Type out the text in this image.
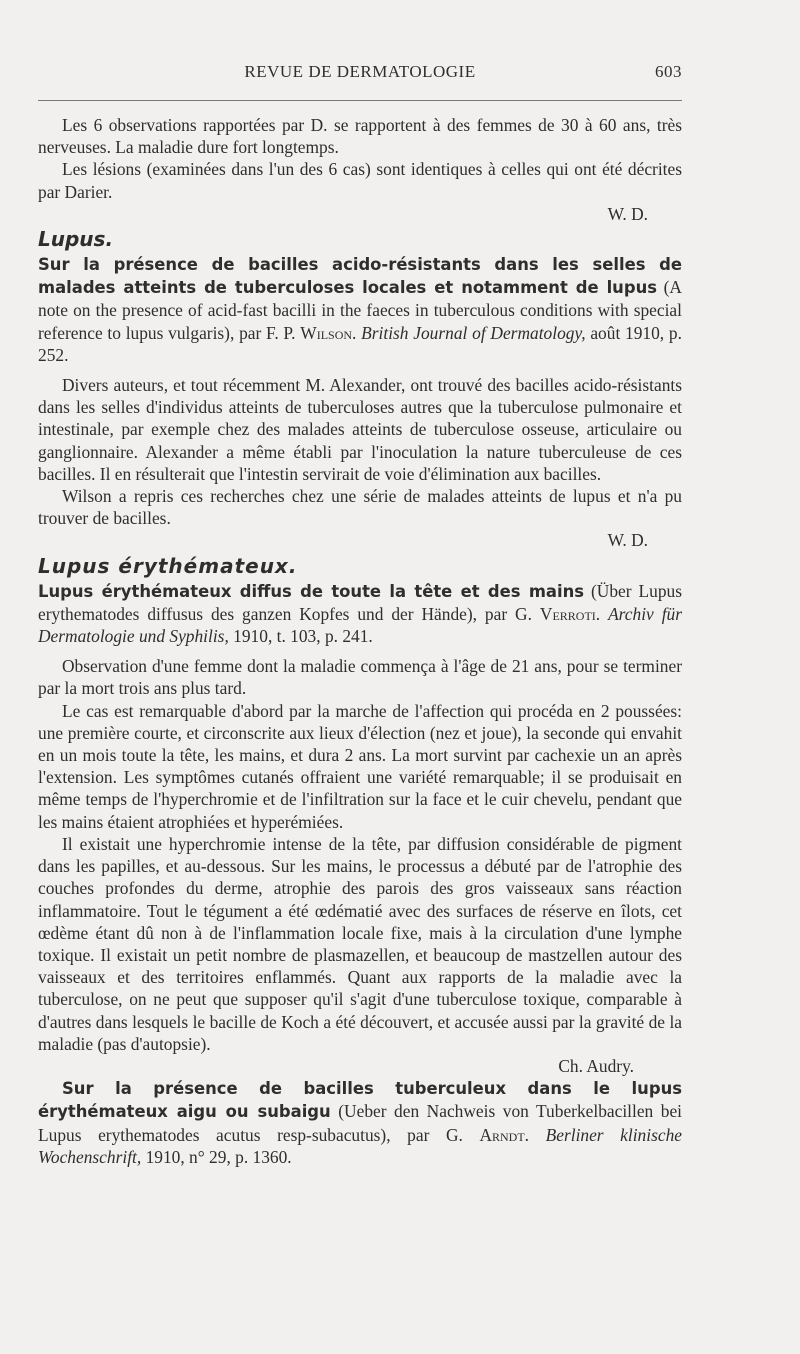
REVUE DE DERMATOLOGIE	603

Les 6 observations rapportées par D. se rapportent à des femmes de 30 à 60 ans, très nerveuses. La maladie dure fort longtemps.

Les lésions (examinées dans l'un des 6 cas) sont identiques à celles qui ont été décrites par Darier.
W. D.

Lupus.

Sur la présence de bacilles acido-résistants dans les selles de malades atteints de tuberculoses locales et notamment de lupus (A note on the presence of acid-fast bacilli in the faeces in tuberculous conditions with special reference to lupus vulgaris), par F. P. Wilson. British Journal of Dermatology, août 1910, p. 252.

Divers auteurs, et tout récemment M. Alexander, ont trouvé des bacilles acido-résistants dans les selles d'individus atteints de tuberculoses autres que la tuberculose pulmonaire et intestinale, par exemple chez des malades atteints de tuberculose osseuse, articulaire ou ganglionnaire. Alexander a même établi par l'inoculation la nature tuberculeuse de ces bacilles. Il en résulterait que l'intestin servirait de voie d'élimination aux bacilles.

Wilson a repris ces recherches chez une série de malades atteints de lupus et n'a pu trouver de bacilles.
W. D.

Lupus érythémateux.

Lupus érythémateux diffus de toute la tête et des mains (Über Lupus erythematodes diffusus des ganzen Kopfes und der Hände), par G. Verroti. Archiv für Dermatologie und Syphilis, 1910, t. 103, p. 241.

Observation d'une femme dont la maladie commença à l'âge de 21 ans, pour se terminer par la mort trois ans plus tard.

Le cas est remarquable d'abord par la marche de l'affection qui procéda en 2 poussées: une première courte, et circonscrite aux lieux d'élection (nez et joue), la seconde qui envahit en un mois toute la tête, les mains, et dura 2 ans. La mort survint par cachexie un an après l'extension. Les symptômes cutanés offraient une variété remarquable; il se produisait en même temps de l'hyperchromie et de l'infiltration sur la face et le cuir chevelu, pendant que les mains étaient atrophiées et hyperémiées.

Il existait une hyperchromie intense de la tête, par diffusion considérable de pigment dans les papilles, et au-dessous. Sur les mains, le processus a débuté par de l'atrophie des couches profondes du derme, atrophie des parois des gros vaisseaux sans réaction inflammatoire. Tout le tégument a été œdématié avec des surfaces de réserve en îlots, cet œdème étant dû non à de l'inflammation locale fixe, mais à la circulation d'une lymphe toxique. Il existait un petit nombre de plasmazellen, et beaucoup de mastzellen autour des vaisseaux et des territoires enflammés. Quant aux rapports de la maladie avec la tuberculose, on ne peut que supposer qu'il s'agit d'une tuberculose toxique, comparable à d'autres dans lesquels le bacille de Koch a été découvert, et accusée aussi par la gravité de la maladie (pas d'autopsie).
Ch. Audry.

Sur la présence de bacilles tuberculeux dans le lupus érythémateux aigu ou subaigu (Ueber den Nachweis von Tuberkelbacillen bei Lupus erythematodes acutus resp-subacutus), par G. Arndt. Berliner klinische Wochenschrift, 1910, n° 29, p. 1360.
